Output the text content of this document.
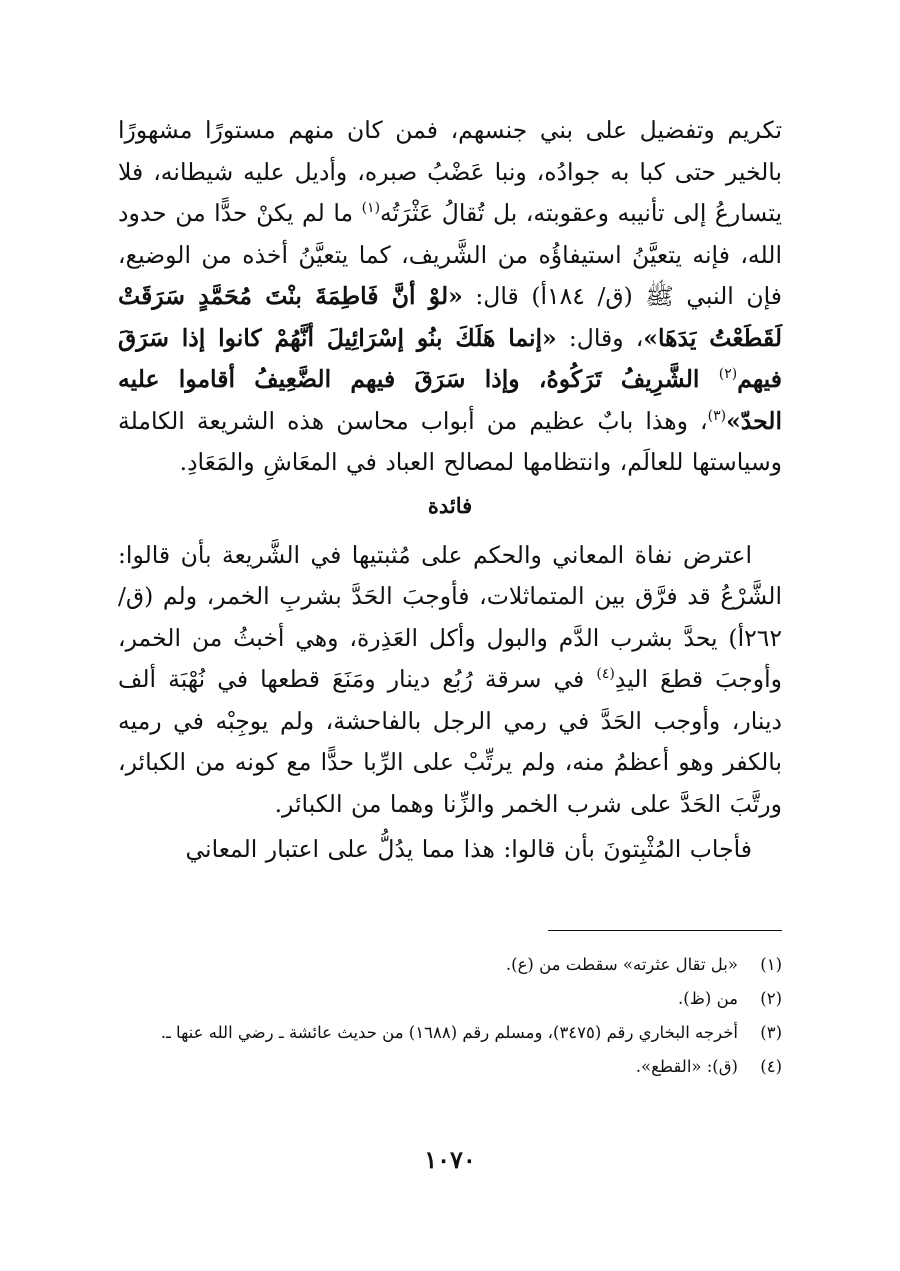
تكريم وتفضيل على بني جنسهم، فمن كان منهم مستورًا مشهورًا بالخير حتى كبا به جوادُه، ونبا عَضْبُ صبره، وأديل عليه شيطانه، فلا يتسارعُ إلى تأنيبه وعقوبته، بل تُقالُ عَثْرَتُه$^{(١)}$ ما لم يكنْ حدًّا من حدود الله، فإنه يتعيَّنُ استيفاؤُه من الشَّريف، كما يتعيَّنُ أخذه من الوضيع، فإن النبي ﷺ (ق/ ١٨٤أ) قال: «لوْ أنَّ فَاطِمَةَ بنْتَ مُحَمَّدٍ سَرَقَتْ لَقَطَعْتُ يَدَهَا»، وقال: «إنما هَلَكَ بنُو إسْرَائِيلَ أنَّهُمْ كانوا إذا سَرَقَ فيهم$^{(٢)}$ الشَّرِيفُ تَرَكُوهُ، وإذا سَرَقَ فيهم الضَّعِيفُ أقاموا عليه الحدّ»$^{(٣)}$، وهذا بابٌ عظيم من أبواب محاسن هذه الشريعة الكاملة وسياستها للعالَم، وانتظامها لمصالح العباد في المعَاشِ والمَعَادِ.

فائدة

اعترض نفاة المعاني والحكم على مُثبتيها في الشَّريعة بأن قالوا: الشَّرْعُ قد فرَّق بين المتماثلات، فأوجبَ الحَدَّ بشربِ الخمر، ولم (ق/ ٢٦٢أ) يحدَّ بشرب الدَّم والبول وأكل العَذِرة، وهي أخبثُ من الخمر، وأوجبَ قطعَ اليدِ$^{(٤)}$ في سرقة رُبُع دينار ومَنَعَ قطعها في نُهْبَة ألف دينار، وأوجب الحَدَّ في رمي الرجل بالفاحشة، ولم يوجِبْه في رميه بالكفر وهو أعظمُ منه، ولم يرتِّبْ على الرِّبا حدًّا مع كونه من الكبائر، ورتَّبَ الحَدَّ على شرب الخمر والزِّنا وهما من الكبائر.

فأجاب المُثْبِتونَ بأن قالوا: هذا مما يدُلُّ على اعتبار المعاني

(١)
«بل تقال عثرته» سقطت من (ع).
(٢)
من (ظ).
(٣)
أخرجه البخاري رقم (٣٤٧٥)، ومسلم رقم (١٦٨٨) من حديث عائشة ـ رضي الله عنها ـ.
(٤)
(ق): «القطع».
١٠٧٠
